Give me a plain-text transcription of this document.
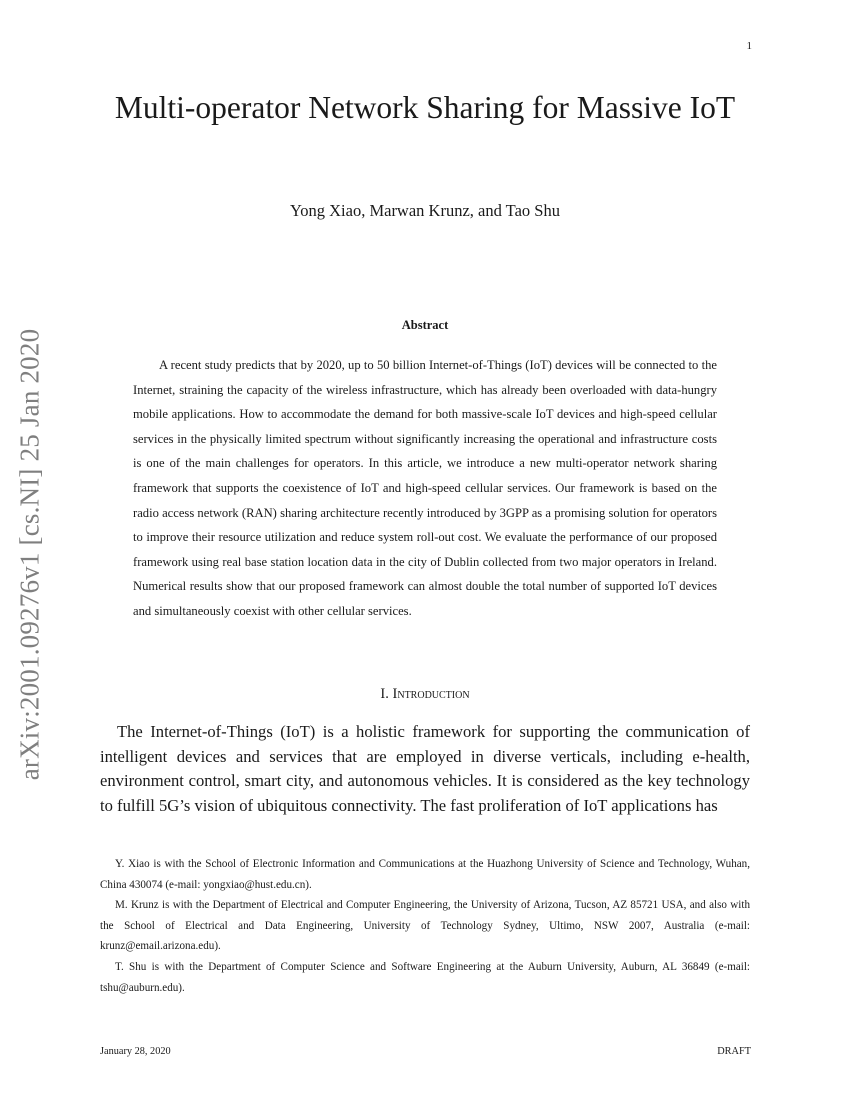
1
arXiv:2001.09276v1 [cs.NI] 25 Jan 2020
Multi-operator Network Sharing for Massive IoT
Yong Xiao, Marwan Krunz, and Tao Shu
Abstract

A recent study predicts that by 2020, up to 50 billion Internet-of-Things (IoT) devices will be connected to the Internet, straining the capacity of the wireless infrastructure, which has already been overloaded with data-hungry mobile applications. How to accommodate the demand for both massive-scale IoT devices and high-speed cellular services in the physically limited spectrum without significantly increasing the operational and infrastructure costs is one of the main challenges for operators. In this article, we introduce a new multi-operator network sharing framework that supports the coexistence of IoT and high-speed cellular services. Our framework is based on the radio access network (RAN) sharing architecture recently introduced by 3GPP as a promising solution for operators to improve their resource utilization and reduce system roll-out cost. We evaluate the performance of our proposed framework using real base station location data in the city of Dublin collected from two major operators in Ireland. Numerical results show that our proposed framework can almost double the total number of supported IoT devices and simultaneously coexist with other cellular services.

I. Introduction

The Internet-of-Things (IoT) is a holistic framework for supporting the communication of intelligent devices and services that are employed in diverse verticals, including e-health, environment control, smart city, and autonomous vehicles. It is considered as the key technology to fulfill 5G’s vision of ubiquitous connectivity. The fast proliferation of IoT applications has

Y. Xiao is with the School of Electronic Information and Communications at the Huazhong University of Science and Technology, Wuhan, China 430074 (e-mail: yongxiao@hust.edu.cn).

M. Krunz is with the Department of Electrical and Computer Engineering, the University of Arizona, Tucson, AZ 85721 USA, and also with the School of Electrical and Data Engineering, University of Technology Sydney, Ultimo, NSW 2007, Australia (e-mail: krunz@email.arizona.edu).

T. Shu is with the Department of Computer Science and Software Engineering at the Auburn University, Auburn, AL 36849 (e-mail: tshu@auburn.edu).

January 28, 2020	DRAFT
